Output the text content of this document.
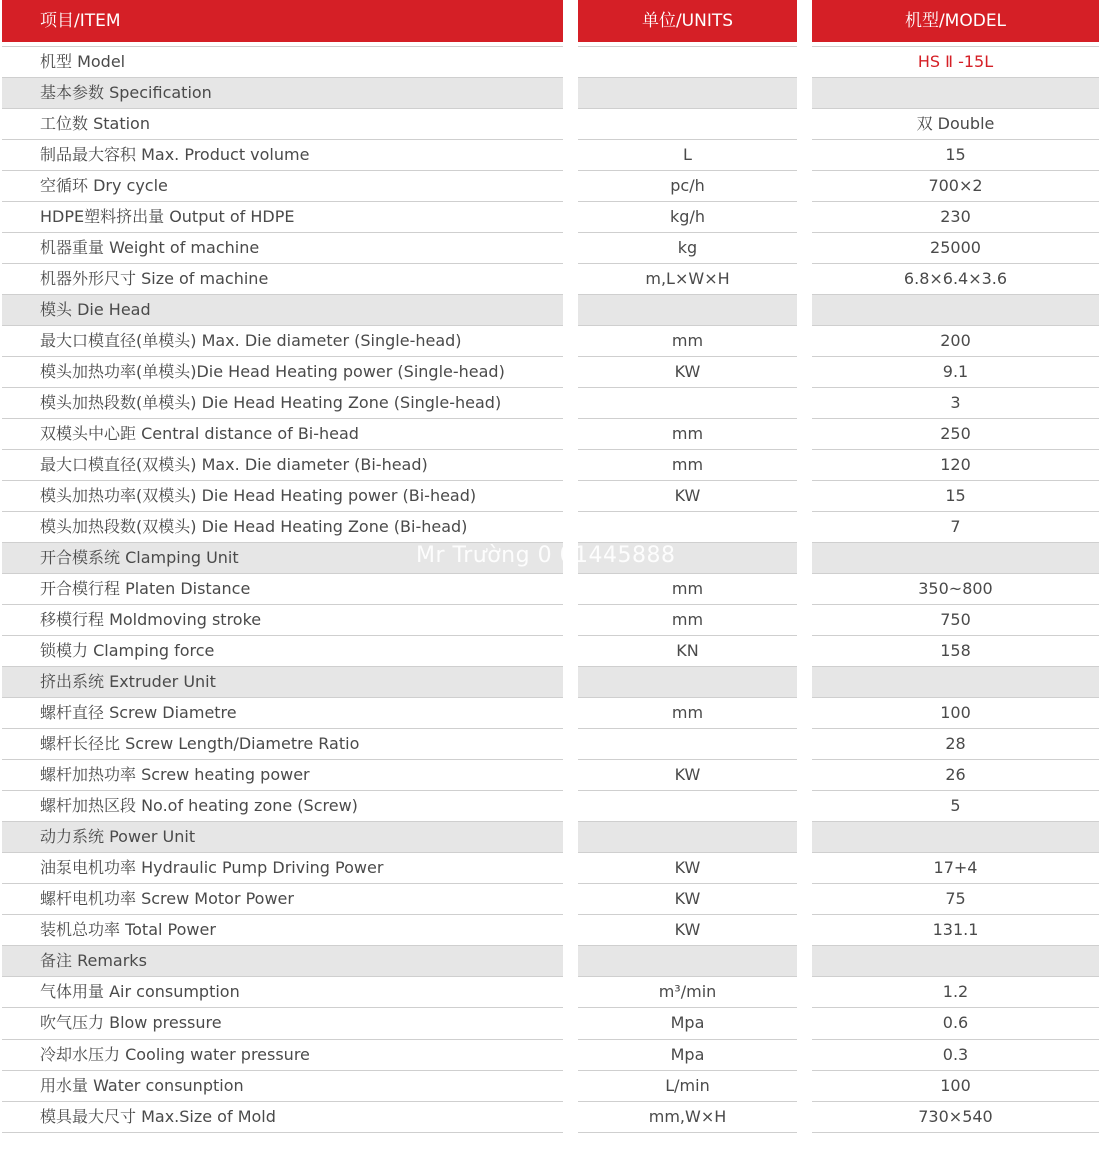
项目/ITEM
机型 Model
基本参数 Specification
工位数 Station
制品最大容积 Max. Product volume
空循环 Dry cycle
HDPE塑料挤出量 Output of HDPE
机器重量 Weight of machine
机器外形尺寸 Size of machine
模头 Die Head
最大口模直径(单模头) Max. Die diameter (Single-head)
模头加热功率(单模头)Die Head Heating power (Single-head)
模头加热段数(单模头) Die Head Heating Zone (Single-head)
双模头中心距 Central distance of Bi-head
最大口模直径(双模头) Max. Die diameter (Bi-head)
模头加热功率(双模头) Die Head Heating power (Bi-head)
模头加热段数(双模头) Die Head Heating Zone (Bi-head)
开合模系统 Clamping Unit
开合模行程 Platen Distance
移模行程 Moldmoving stroke
锁模力 Clamping force
挤出系统 Extruder Unit
螺杆直径 Screw Diametre
螺杆长径比 Screw Length/Diametre Ratio
螺杆加热功率 Screw heating power
螺杆加热区段 No.of heating zone (Screw)
动力系统 Power Unit
油泵电机功率 Hydraulic Pump Driving Power
螺杆电机功率 Screw Motor Power
装机总功率 Total Power
备注 Remarks
气体用量 Air consumption
吹气压力 Blow pressure
冷却水压力 Cooling water pressure
用水量 Water consunption
模具最大尺寸 Max.Size of Mold
单位/UNITS
L
pc/h
kg/h
kg
m,L×W×H
mm
KW
mm
mm
KW
mm
mm
KN
mm
KW
KW
KW
KW
m³/min
Mpa
Mpa
L/min
mm,W×H
机型/MODEL
HS Ⅱ -15L
双 Double
15
700×2
230
25000
6.8×6.4×3.6
200
9.1
3
250
120
15
7
350~800
750
158
100
28
26
5
17+4
75
131.1
1.2
0.6
0.3
100
730×540
Mr Trường 0 01445888
